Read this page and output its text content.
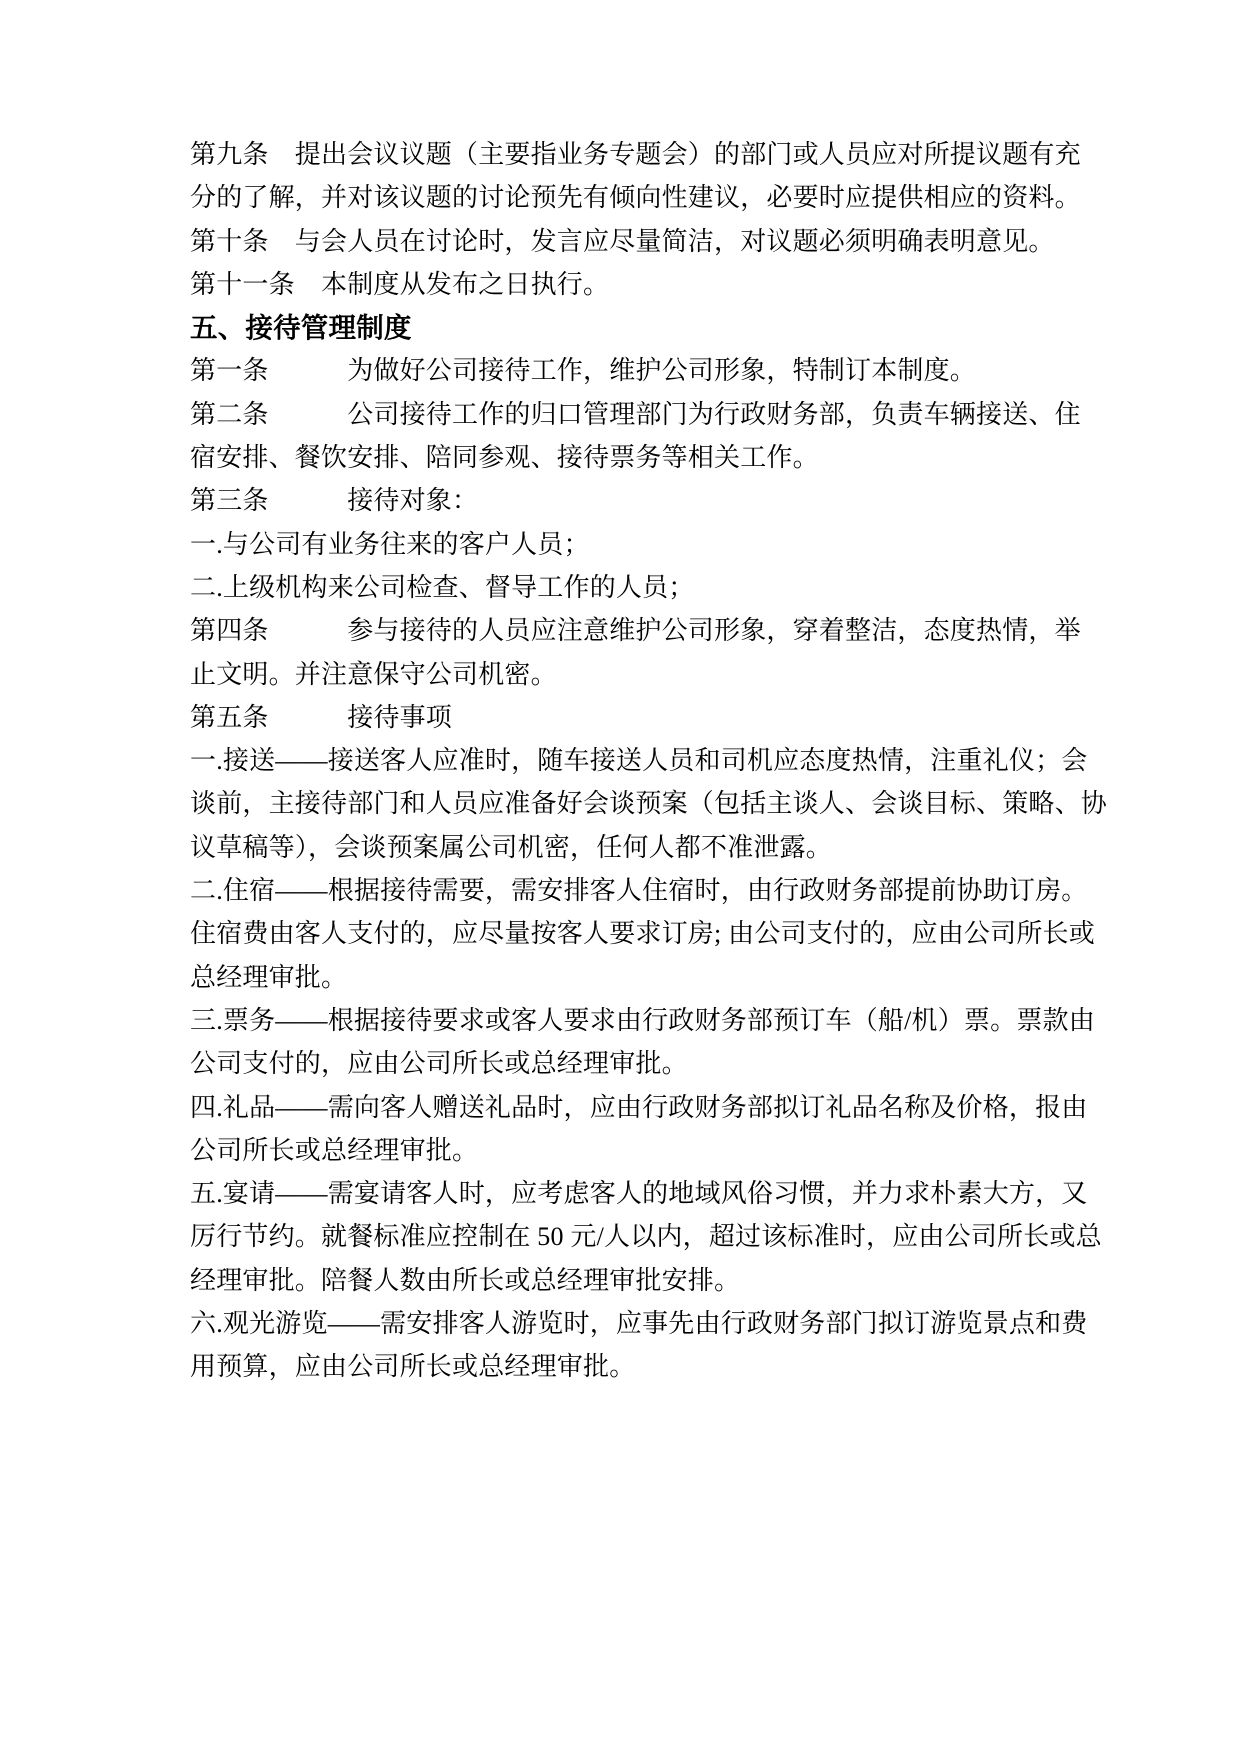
第九条　提出会议议题（主要指业务专题会）的部门或人员应对所提议题有充
分的了解，并对该议题的讨论预先有倾向性建议，必要时应提供相应的资料。
第十条　与会人员在讨论时，发言应尽量简洁，对议题必须明确表明意见。
第十一条　本制度从发布之日执行。
五、接待管理制度
第一条　　　为做好公司接待工作，维护公司形象，特制订本制度。
第二条　　　公司接待工作的归口管理部门为行政财务部，负责车辆接送、住
宿安排、餐饮安排、陪同参观、接待票务等相关工作。
第三条　　　接待对象：
一.与公司有业务往来的客户人员；
二.上级机构来公司检查、督导工作的人员；
第四条　　　参与接待的人员应注意维护公司形象，穿着整洁，态度热情，举
止文明。并注意保守公司机密。
第五条　　　接待事项
一.接送——接送客人应准时，随车接送人员和司机应态度热情，注重礼仪；会
谈前，主接待部门和人员应准备好会谈预案（包括主谈人、会谈目标、策略、协
议草稿等），会谈预案属公司机密，任何人都不准泄露。
二.住宿——根据接待需要，需安排客人住宿时，由行政财务部提前协助订房。
住宿费由客人支付的，应尽量按客人要求订房; 由公司支付的，应由公司所长或
总经理审批。
三.票务——根据接待要求或客人要求由行政财务部预订车（船/机）票。票款由
公司支付的，应由公司所长或总经理审批。
四.礼品——需向客人赠送礼品时，应由行政财务部拟订礼品名称及价格，报由
公司所长或总经理审批。
五.宴请——需宴请客人时，应考虑客人的地域风俗习惯，并力求朴素大方，又
厉行节约。就餐标准应控制在 50 元/人以内，超过该标准时，应由公司所长或总
经理审批。陪餐人数由所长或总经理审批安排。
六.观光游览——需安排客人游览时，应事先由行政财务部门拟订游览景点和费
用预算，应由公司所长或总经理审批。
